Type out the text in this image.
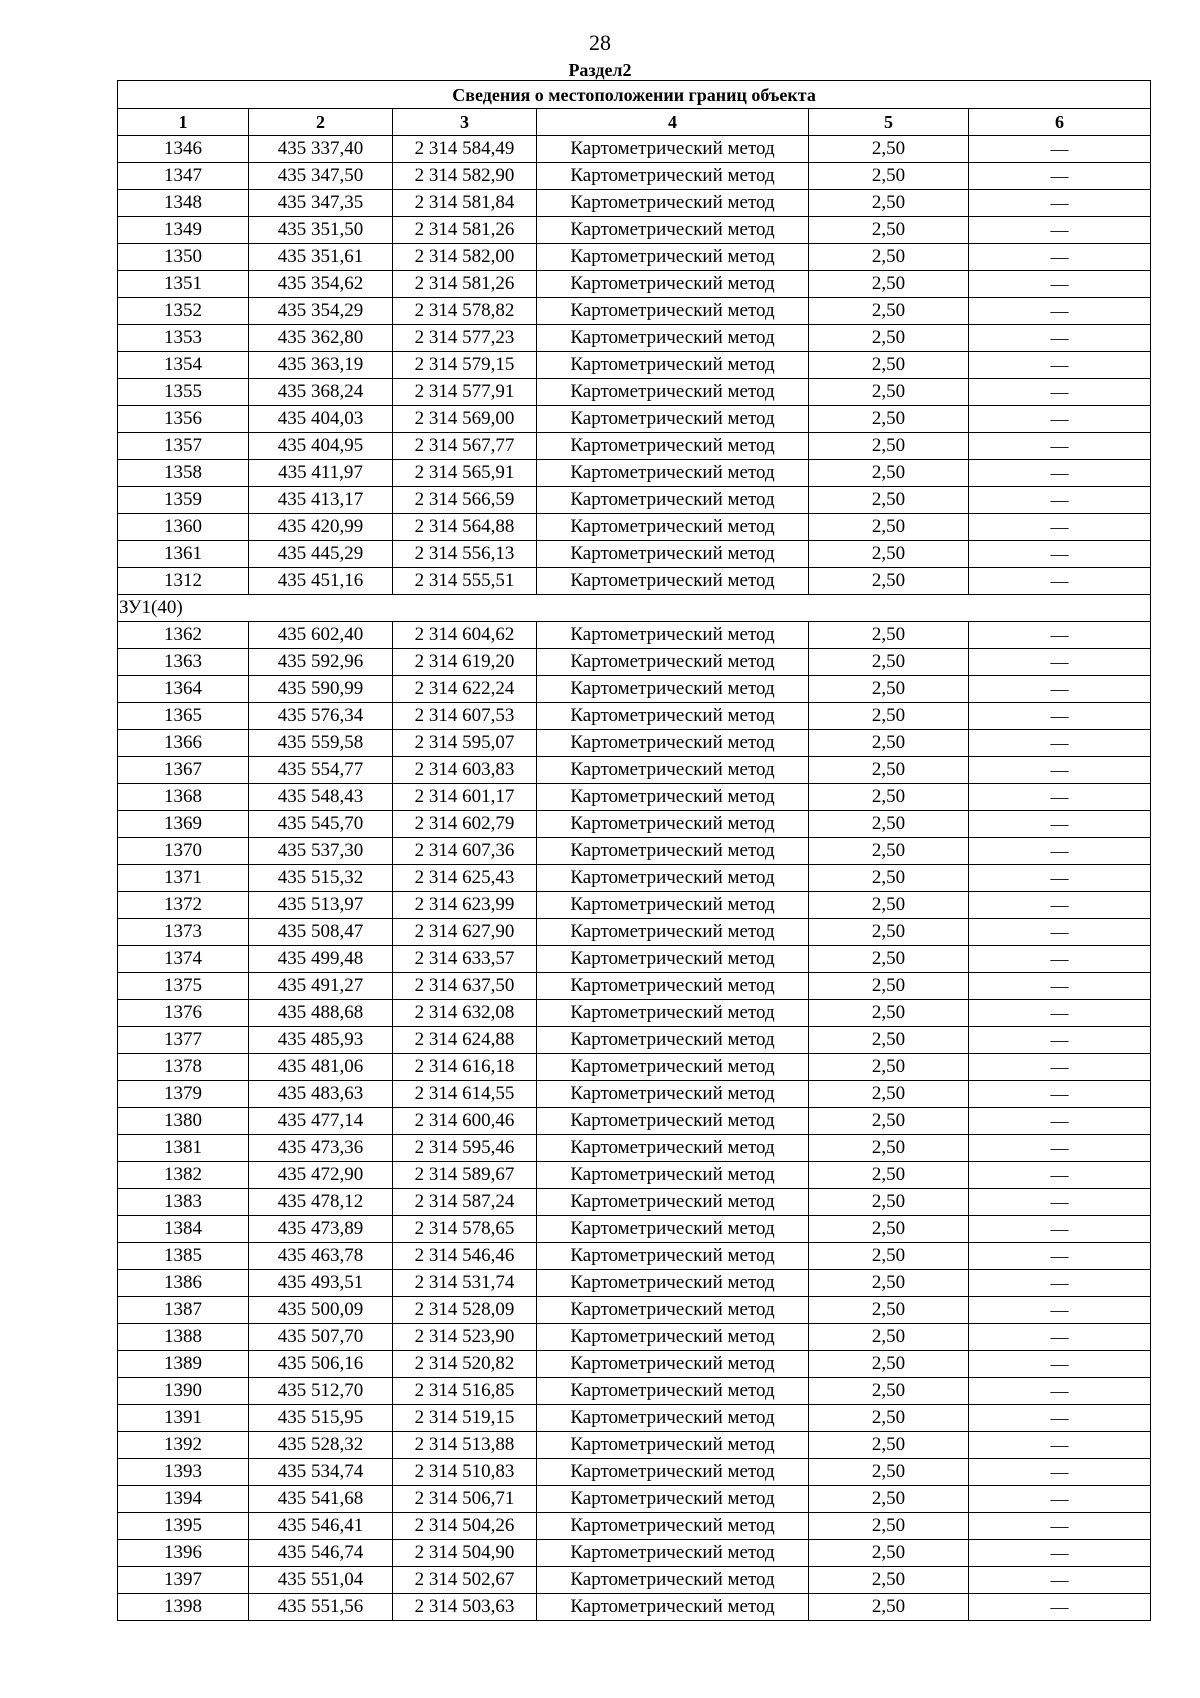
28
Раздел2
Сведения о местоположении границ объекта					
1	2	3	4	5	6
1346	435 337,40	2 314 584,49	Картометрический метод	2,50	—
1347	435 347,50	2 314 582,90	Картометрический метод	2,50	—
1348	435 347,35	2 314 581,84	Картометрический метод	2,50	—
1349	435 351,50	2 314 581,26	Картометрический метод	2,50	—
1350	435 351,61	2 314 582,00	Картометрический метод	2,50	—
1351	435 354,62	2 314 581,26	Картометрический метод	2,50	—
1352	435 354,29	2 314 578,82	Картометрический метод	2,50	—
1353	435 362,80	2 314 577,23	Картометрический метод	2,50	—
1354	435 363,19	2 314 579,15	Картометрический метод	2,50	—
1355	435 368,24	2 314 577,91	Картометрический метод	2,50	—
1356	435 404,03	2 314 569,00	Картометрический метод	2,50	—
1357	435 404,95	2 314 567,77	Картометрический метод	2,50	—
1358	435 411,97	2 314 565,91	Картометрический метод	2,50	—
1359	435 413,17	2 314 566,59	Картометрический метод	2,50	—
1360	435 420,99	2 314 564,88	Картометрический метод	2,50	—
1361	435 445,29	2 314 556,13	Картометрический метод	2,50	—
1312	435 451,16	2 314 555,51	Картометрический метод	2,50	—
ЗУ1(40)					
1362	435 602,40	2 314 604,62	Картометрический метод	2,50	—
1363	435 592,96	2 314 619,20	Картометрический метод	2,50	—
1364	435 590,99	2 314 622,24	Картометрический метод	2,50	—
1365	435 576,34	2 314 607,53	Картометрический метод	2,50	—
1366	435 559,58	2 314 595,07	Картометрический метод	2,50	—
1367	435 554,77	2 314 603,83	Картометрический метод	2,50	—
1368	435 548,43	2 314 601,17	Картометрический метод	2,50	—
1369	435 545,70	2 314 602,79	Картометрический метод	2,50	—
1370	435 537,30	2 314 607,36	Картометрический метод	2,50	—
1371	435 515,32	2 314 625,43	Картометрический метод	2,50	—
1372	435 513,97	2 314 623,99	Картометрический метод	2,50	—
1373	435 508,47	2 314 627,90	Картометрический метод	2,50	—
1374	435 499,48	2 314 633,57	Картометрический метод	2,50	—
1375	435 491,27	2 314 637,50	Картометрический метод	2,50	—
1376	435 488,68	2 314 632,08	Картометрический метод	2,50	—
1377	435 485,93	2 314 624,88	Картометрический метод	2,50	—
1378	435 481,06	2 314 616,18	Картометрический метод	2,50	—
1379	435 483,63	2 314 614,55	Картометрический метод	2,50	—
1380	435 477,14	2 314 600,46	Картометрический метод	2,50	—
1381	435 473,36	2 314 595,46	Картометрический метод	2,50	—
1382	435 472,90	2 314 589,67	Картометрический метод	2,50	—
1383	435 478,12	2 314 587,24	Картометрический метод	2,50	—
1384	435 473,89	2 314 578,65	Картометрический метод	2,50	—
1385	435 463,78	2 314 546,46	Картометрический метод	2,50	—
1386	435 493,51	2 314 531,74	Картометрический метод	2,50	—
1387	435 500,09	2 314 528,09	Картометрический метод	2,50	—
1388	435 507,70	2 314 523,90	Картометрический метод	2,50	—
1389	435 506,16	2 314 520,82	Картометрический метод	2,50	—
1390	435 512,70	2 314 516,85	Картометрический метод	2,50	—
1391	435 515,95	2 314 519,15	Картометрический метод	2,50	—
1392	435 528,32	2 314 513,88	Картометрический метод	2,50	—
1393	435 534,74	2 314 510,83	Картометрический метод	2,50	—
1394	435 541,68	2 314 506,71	Картометрический метод	2,50	—
1395	435 546,41	2 314 504,26	Картометрический метод	2,50	—
1396	435 546,74	2 314 504,90	Картометрический метод	2,50	—
1397	435 551,04	2 314 502,67	Картометрический метод	2,50	—
1398	435 551,56	2 314 503,63	Картометрический метод	2,50	—
